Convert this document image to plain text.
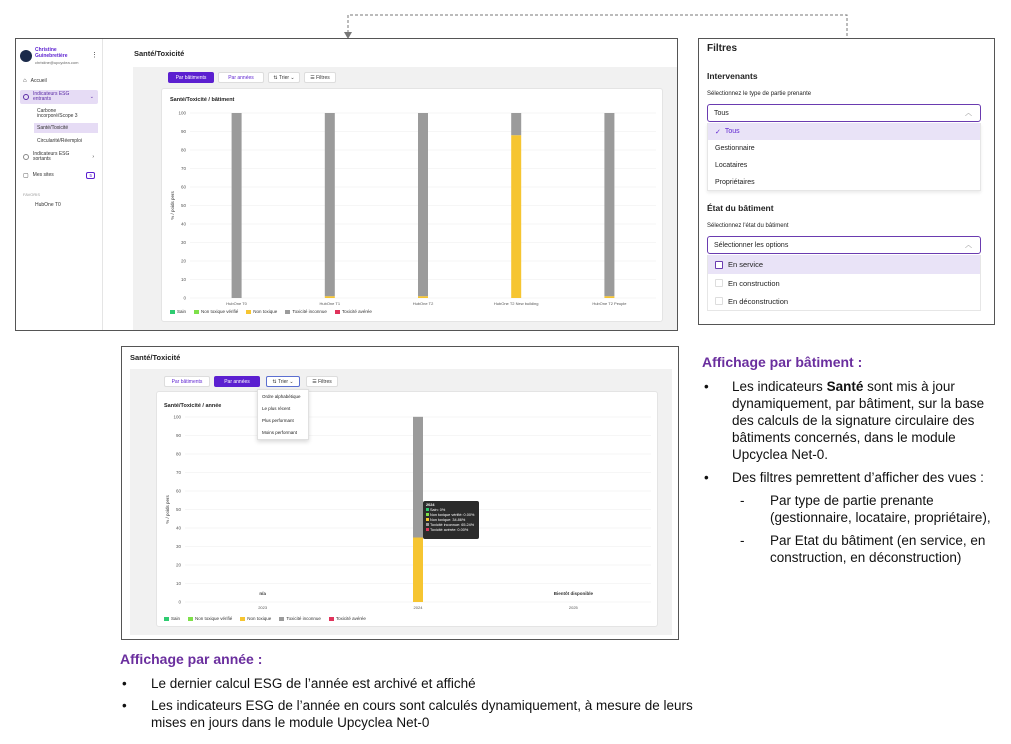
Christine Guinebretière
christine@upcyclea.com
⋮
⌂ Accueil
Indicateurs ESG entrants	⌄
Carbone incorporé/Scope 3
Santé/Toxicité
Circularité/Réemploi
Indicateurs ESG sortants	›
▢ Mes sites	5
FAVORIS
HubOne T0
Santé/Toxicité
Par bâtiments	Par années	⇅ Trier ⌄	☰ Filtres
Santé/Toxicité / bâtiment
0
10
20
30
40
50
60
70
80
90
100
% / poids pers
HubOne T0	HubOne T1	HubOne T2	HubOne T2 New building	HubOne T2 Peuple
Sain	Non toxique vérifié	Non toxique	Toxicité inconnue	Toxicité avérée
Filtres
Intervenants
Sélectionnez le type de partie prenante
Tous	︿
✓ Tous
Gestionnaire
Locataires
Propriétaires
État du bâtiment
Sélectionnez l'état du bâtiment
Sélectionner les options	︿
En service
En construction
En déconstruction
Santé/Toxicité
Par bâtiments	Par années	⇅ Trier ⌄	☰ Filtres
Santé/Toxicité / année
0
10
20
30
40
50
60
70
80
90
100
% / poids pers
2023	2024	2025
n/a	Bientôt disponible
Sain	Non toxique vérifié	Non toxique	Toxicité inconnue	Toxicité avérée
2024
Sain: 0%
Non toxique vérifié: 0.00%
Non toxique: 34.86%
Toxicité inconnue: 65.24%
Toxicité avérée: 0.00%
Ordre alphabétique
Le plus récent
Plus performant
Moins performant
Affichage par bâtiment :
• Les indicateurs Santé sont mis à jour dynamiquement, par bâtiment, sur la base des calculs de la signature circulaire des bâtiments concernés, dans le module Upcyclea Net-0.
• Des filtres pemrettent d’afficher des vues :
- Par type de partie prenante (gestionnaire, locataire, propriétaire),
- Par Etat du bâtiment (en service, en construction, en déconstruction)
Affichage par année :
• Le dernier calcul ESG de l’année est archivé et affiché
• Les indicateurs ESG de l’année en cours sont calculés dynamiquement, à mesure de leurs mises en jours dans le module Upcyclea Net-0
